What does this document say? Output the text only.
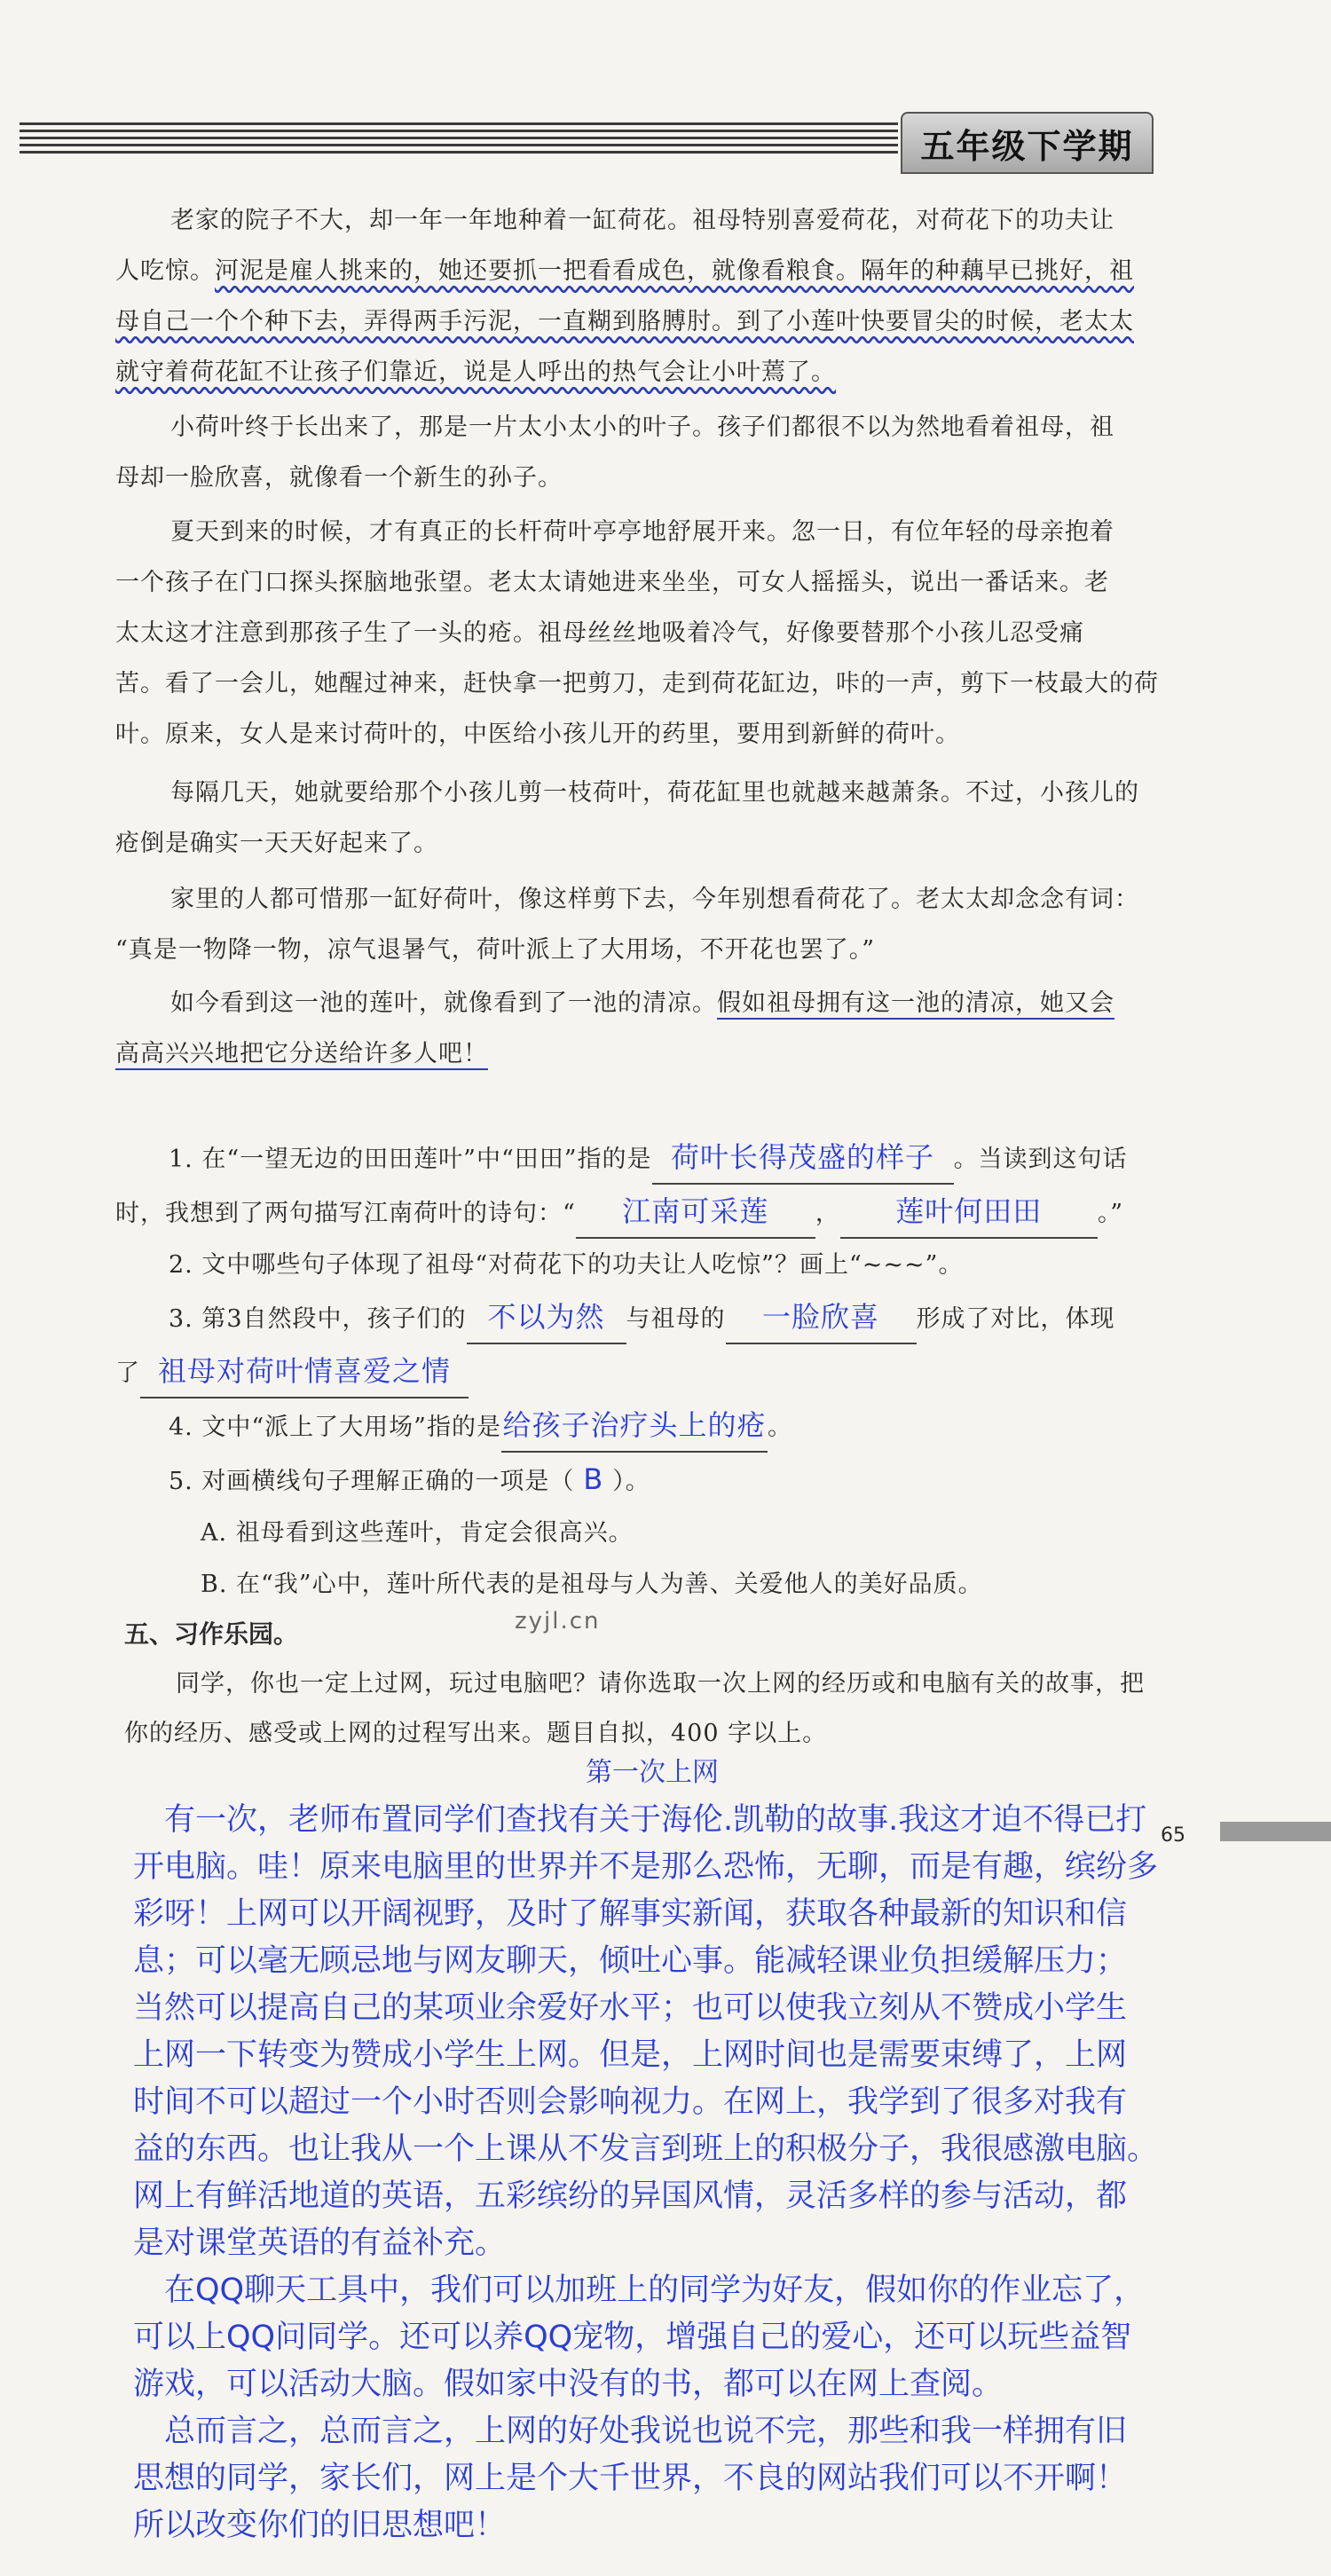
五年级下学期
老家的院子不大，却一年一年地种着一缸荷花。祖母特别喜爱荷花，对荷花下的功夫让
人吃惊。河泥是雇人挑来的，她还要抓一把看看成色，就像看粮食。隔年的种藕早已挑好，祖
母自己一个个种下去，弄得两手污泥，一直糊到胳膊肘。到了小莲叶快要冒尖的时候，老太太
就守着荷花缸不让孩子们靠近，说是人呼出的热气会让小叶蔫了。
小荷叶终于长出来了，那是一片太小太小的叶子。孩子们都很不以为然地看着祖母，祖
母却一脸欣喜，就像看一个新生的孙子。
夏天到来的时候，才有真正的长杆荷叶亭亭地舒展开来。忽一日，有位年轻的母亲抱着
一个孩子在门口探头探脑地张望。老太太请她进来坐坐，可女人摇摇头，说出一番话来。老
太太这才注意到那孩子生了一头的疮。祖母丝丝地吸着冷气，好像要替那个小孩儿忍受痛
苦。看了一会儿，她醒过神来，赶快拿一把剪刀，走到荷花缸边，咔的一声，剪下一枝最大的荷
叶。原来，女人是来讨荷叶的，中医给小孩儿开的药里，要用到新鲜的荷叶。
每隔几天，她就要给那个小孩儿剪一枝荷叶，荷花缸里也就越来越萧条。不过，小孩儿的
疮倒是确实一天天好起来了。
家里的人都可惜那一缸好荷叶，像这样剪下去，今年别想看荷花了。老太太却念念有词：
“真是一物降一物，凉气退暑气，荷叶派上了大用场，不开花也罢了。”
如今看到这一池的莲叶，就像看到了一池的清凉。假如祖母拥有这一池的清凉，她又会
高高兴兴地把它分送给许多人吧！
1. 在“一望无边的田田莲叶”中“田田”指的是 荷叶长得茂盛的样子 。当读到这句话
时，我想到了两句描写江南荷叶的诗句：“ 江南可采莲 ， 莲叶何田田 。”
2. 文中哪些句子体现了祖母“对荷花下的功夫让人吃惊”？画上“~~~”。
3. 第3自然段中，孩子们的 不以为然 与祖母的 一脸欣喜 形成了对比，体现
了 祖母对荷叶情喜爱之情
4. 文中“派上了大用场”指的是给孩子治疗头上的疮。
5. 对画横线句子理解正确的一项是（ B ）。
A. 祖母看到这些莲叶，肯定会很高兴。
B. 在“我”心中，莲叶所代表的是祖母与人为善、关爱他人的美好品质。
五、习作乐园。	zyjl.cn
同学，你也一定上过网，玩过电脑吧？请你选取一次上网的经历或和电脑有关的故事，把
你的经历、感受或上网的过程写出来。题目自拟，400 字以上。
第一次上网
65
有一次，老师布置同学们查找有关于海伦.凯勒的故事.我这才迫不得已打
开电脑。哇！原来电脑里的世界并不是那么恐怖，无聊，而是有趣，缤纷多
彩呀！上网可以开阔视野，及时了解事实新闻，获取各种最新的知识和信
息；可以毫无顾忌地与网友聊天，倾吐心事。能减轻课业负担缓解压力；
当然可以提高自己的某项业余爱好水平；也可以使我立刻从不赞成小学生
上网一下转变为赞成小学生上网。但是，上网时间也是需要束缚了，上网
时间不可以超过一个小时否则会影响视力。在网上，我学到了很多对我有
益的东西。也让我从一个上课从不发言到班上的积极分子，我很感激电脑。
网上有鲜活地道的英语，五彩缤纷的异国风情，灵活多样的参与活动，都
是对课堂英语的有益补充。
在QQ聊天工具中，我们可以加班上的同学为好友，假如你的作业忘了，
可以上QQ问同学。还可以养QQ宠物，增强自己的爱心，还可以玩些益智
游戏，可以活动大脑。假如家中没有的书，都可以在网上查阅。
总而言之，总而言之，上网的好处我说也说不完，那些和我一样拥有旧
思想的同学，家长们，网上是个大千世界，不良的网站我们可以不开啊！
所以改变你们的旧思想吧！
